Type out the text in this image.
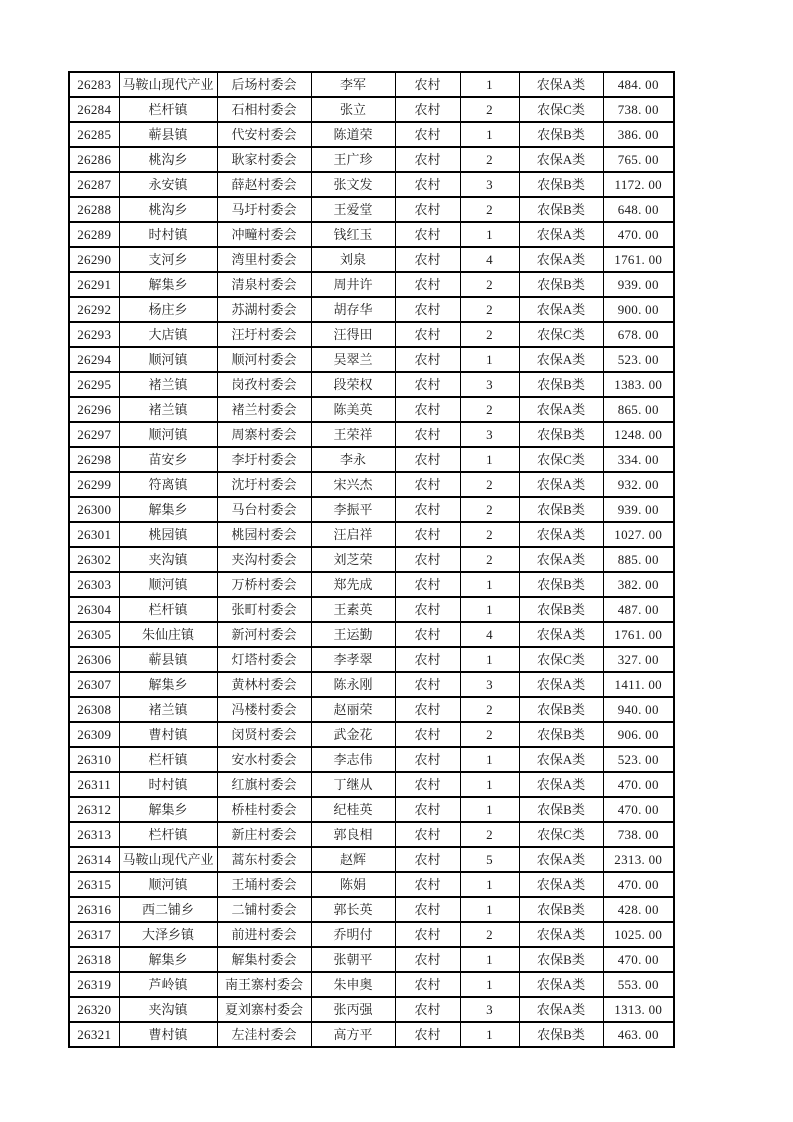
26283	马鞍山现代产业	后场村委会	李军	农村	1	农保A类	484. 00
26284	栏杆镇	石相村委会	张立	农村	2	农保C类	738. 00
26285	蕲县镇	代安村委会	陈道荣	农村	1	农保B类	386. 00
26286	桃沟乡	耿家村委会	王广珍	农村	2	农保A类	765. 00
26287	永安镇	薛赵村委会	张文发	农村	3	农保B类	1172. 00
26288	桃沟乡	马圩村委会	王爱堂	农村	2	农保B类	648. 00
26289	时村镇	冲疃村委会	钱红玉	农村	1	农保A类	470. 00
26290	支河乡	湾里村委会	刘泉	农村	4	农保A类	1761. 00
26291	解集乡	清泉村委会	周井许	农村	2	农保B类	939. 00
26292	杨庄乡	苏湖村委会	胡存华	农村	2	农保A类	900. 00
26293	大店镇	汪圩村委会	汪得田	农村	2	农保C类	678. 00
26294	顺河镇	顺河村委会	吴翠兰	农村	1	农保A类	523. 00
26295	褚兰镇	岗孜村委会	段荣权	农村	3	农保B类	1383. 00
26296	褚兰镇	褚兰村委会	陈美英	农村	2	农保A类	865. 00
26297	顺河镇	周寨村委会	王荣祥	农村	3	农保B类	1248. 00
26298	苗安乡	李圩村委会	李永	农村	1	农保C类	334. 00
26299	符离镇	沈圩村委会	宋兴杰	农村	2	农保A类	932. 00
26300	解集乡	马台村委会	李振平	农村	2	农保B类	939. 00
26301	桃园镇	桃园村委会	汪启祥	农村	2	农保A类	1027. 00
26302	夹沟镇	夹沟村委会	刘芝荣	农村	2	农保A类	885. 00
26303	顺河镇	万桥村委会	郑先成	农村	1	农保B类	382. 00
26304	栏杆镇	张町村委会	王素英	农村	1	农保B类	487. 00
26305	朱仙庄镇	新河村委会	王运勤	农村	4	农保A类	1761. 00
26306	蕲县镇	灯塔村委会	李孝翠	农村	1	农保C类	327. 00
26307	解集乡	黄林村委会	陈永刚	农村	3	农保A类	1411. 00
26308	褚兰镇	冯楼村委会	赵丽荣	农村	2	农保B类	940. 00
26309	曹村镇	闵贤村委会	武金花	农村	2	农保B类	906. 00
26310	栏杆镇	安水村委会	李志伟	农村	1	农保A类	523. 00
26311	时村镇	红旗村委会	丁继从	农村	1	农保A类	470. 00
26312	解集乡	桥桂村委会	纪桂英	农村	1	农保B类	470. 00
26313	栏杆镇	新庄村委会	郭良相	农村	2	农保C类	738. 00
26314	马鞍山现代产业	蒿东村委会	赵辉	农村	5	农保A类	2313. 00
26315	顺河镇	王埇村委会	陈娟	农村	1	农保A类	470. 00
26316	西二铺乡	二铺村委会	郭长英	农村	1	农保B类	428. 00
26317	大泽乡镇	前进村委会	乔明付	农村	2	农保A类	1025. 00
26318	解集乡	解集村委会	张朝平	农村	1	农保B类	470. 00
26319	芦岭镇	南王寨村委会	朱申奥	农村	1	农保A类	553. 00
26320	夹沟镇	夏刘寨村委会	张丙强	农村	3	农保A类	1313. 00
26321	曹村镇	左洼村委会	高方平	农村	1	农保B类	463. 00
